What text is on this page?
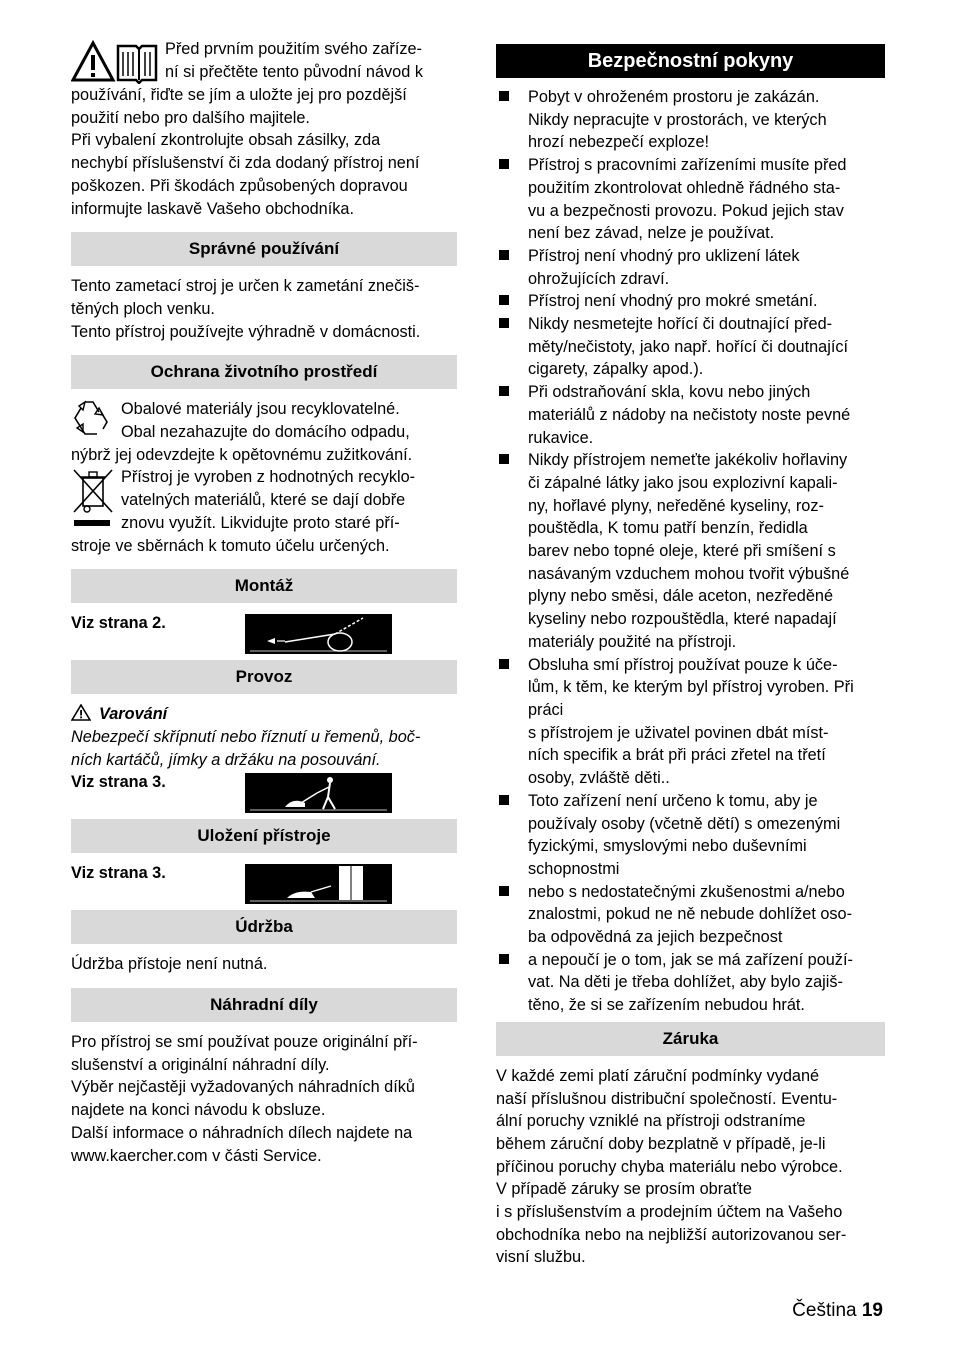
Před prvním použitím svého zaříze-

ní si přečtěte tento původní návod k

používání, řiďte se jím a uložte jej pro pozdější

použití nebo pro dalšího majitele.

Při vybalení zkontrolujte obsah zásilky, zda

nechybí příslušenství či zda dodaný přístroj není

poškozen. Při škodách způsobených dopravou

informujte laskavě Vašeho obchodníka.

Správné používání

Tento zametací stroj je určen k zametání znečiš-

těných ploch venku.

Tento přístroj používejte výhradně v domácnosti.

Ochrana životního prostředí

Obalové materiály jsou recyklovatelné.

Obal nezahazujte do domácího odpadu,

nýbrž jej odevzdejte k opětovnému zužitkování.

Přístroj je vyroben z hodnotných recyklo-

vatelných materiálů, které se dají dobře

znovu využít. Likvidujte proto staré pří-

stroje ve sběrnách k tomuto účelu určených.

Montáž
Viz strana 2.
Provoz

Varování

Nebezpečí skřípnutí nebo říznutí u řemenů, boč-

ních kartáčů, jímky a držáku na posouvání.

Viz strana 3.
Uložení přístroje
Viz strana 3.
Údržba

Údržba přístoje není nutná.

Náhradní díly

Pro přístroj se smí používat pouze originální pří-

slušenství a originální náhradní díly.

Výběr nejčastěji vyžadovaných náhradních díků

najdete na konci návodu k obsluze.

Další informace o náhradních dílech najdete na

www.kaercher.com v části Service.

Bezpečnostní pokyny
Pobyt v ohroženém prostoru je zakázán.
Nikdy nepracujte v prostorách, ve kterých
hrozí nebezpečí exploze!
Přístroj s pracovními zařízeními musíte před
použitím zkontrolovat ohledně řádného sta-
vu a bezpečnosti provozu. Pokud jejich stav
není bez závad, nelze je používat.
Přístroj není vhodný pro uklizení látek
ohrožujících zdraví.
Přístroj není vhodný pro mokré smetání.
Nikdy nesmetejte hořící či doutnající před-
měty/nečistoty, jako např. hořící či doutnající
cigarety, zápalky apod.).
Při odstraňování skla, kovu nebo jiných
materiálů z nádoby na nečistoty noste pevné
rukavice.
Nikdy přístrojem nemeťte jakékoliv hořlaviny
či zápalné látky jako jsou explozivní kapali-
ny, hořlavé plyny, neředěné kyseliny, roz-
pouštědla, K tomu patří benzín, ředidla
barev nebo topné oleje, které při smíšení s
nasávaným vzduchem mohou tvořit výbušné
plyny nebo směsi, dále aceton, nezředěné
kyseliny nebo rozpouštědla, které napadají
materiály použité na přístroji.
Obsluha smí přístroj používat pouze k úče-
lům, k těm, ke kterým byl přístroj vyroben. Při práci
s přístrojem je uživatel povinen dbát míst-
ních specifik a brát při práci zřetel na třetí
osoby, zvláště děti..
Toto zařízení není určeno k tomu, aby je
používaly osoby (včetně dětí) s omezenými
fyzickými, smyslovými nebo duševními
schopnostmi
nebo s nedostatečnými zkušenostmi a/nebo
znalostmi, pokud ne ně nebude dohlížet oso-
ba odpovědná za jejich bezpečnost
a nepoučí je o tom, jak se má zařízení použí-
vat. Na děti je třeba dohlížet, aby bylo zajiš-
těno, že si se zařízením nebudou hrát.
Záruka

V každé zemi platí záruční podmínky vydané

naší příslušnou distribuční společností. Eventu-

ální poruchy vzniklé na přístroji odstraníme

během záruční doby bezplatně v případě, je-li

příčinou poruchy chyba materiálu nebo výrobce.

V případě záruky se prosím obraťte

i s příslušenstvím a prodejním účtem na Vašeho

obchodníka nebo na nejbližší autorizovanou ser-

visní službu.

Čeština 19
